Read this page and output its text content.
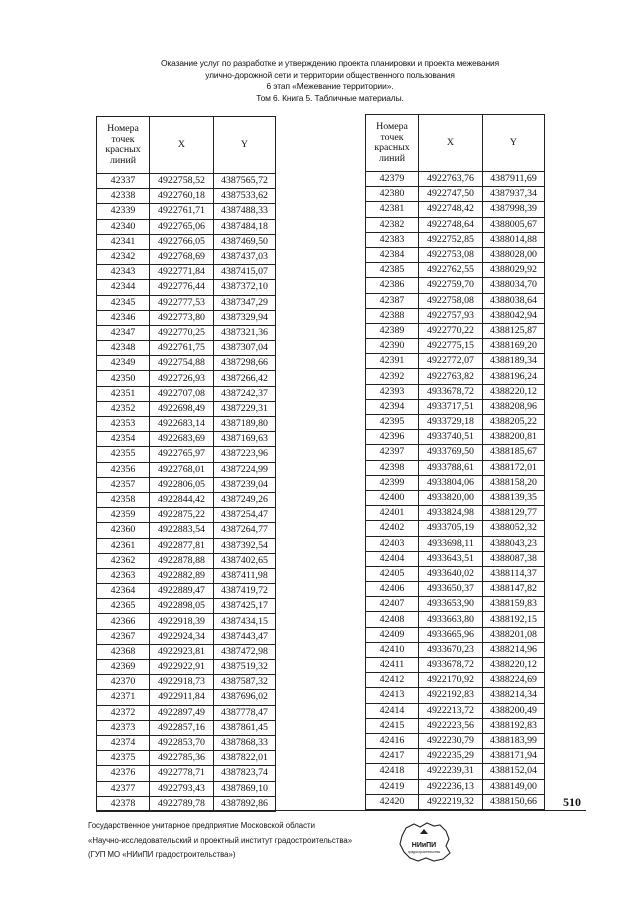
Оказание услуг по разработке и утверждению проекта планировки и проекта межевания
улично-дорожной сети и территории общественного пользования
6 этап «Межевание территории».
Том 6. Книга 5. Табличные материалы.
Номера
точек
красных
линий	X	Y
42337	4922758,52	4387565,72
42338	4922760,18	4387533,62
42339	4922761,71	4387488,33
42340	4922765,06	4387484,18
42341	4922766,05	4387469,50
42342	4922768,69	4387437,03
42343	4922771,84	4387415,07
42344	4922776,44	4387372,10
42345	4922777,53	4387347,29
42346	4922773,80	4387329,94
42347	4922770,25	4387321,36
42348	4922761,75	4387307,04
42349	4922754,88	4387298,66
42350	4922726,93	4387266,42
42351	4922707,08	4387242,37
42352	4922698,49	4387229,31
42353	4922683,14	4387189,80
42354	4922683,69	4387169,63
42355	4922765,97	4387223,96
42356	4922768,01	4387224,99
42357	4922806,05	4387239,04
42358	4922844,42	4387249,26
42359	4922875,22	4387254,47
42360	4922883,54	4387264,77
42361	4922877,81	4387392,54
42362	4922878,88	4387402,65
42363	4922882,89	4387411,98
42364	4922889,47	4387419,72
42365	4922898,05	4387425,17
42366	4922918,39	4387434,15
42367	4922924,34	4387443,47
42368	4922923,81	4387472,98
42369	4922922,91	4387519,32
42370	4922918,73	4387587,32
42371	4922911,84	4387696,02
42372	4922897,49	4387778,47
42373	4922857,16	4387861,45
42374	4922853,70	4387868,33
42375	4922785,36	4387822,01
42376	4922778,71	4387823,74
42377	4922793,43	4387869,10
42378	4922789,78	4387892,86
Номера
точек
красных
линий	X	Y
42379	4922763,76	4387911,69
42380	4922747,50	4387937,34
42381	4922748,42	4387998,39
42382	4922748,64	4388005,67
42383	4922752,85	4388014,88
42384	4922753,08	4388028,00
42385	4922762,55	4388029,92
42386	4922759,70	4388034,70
42387	4922758,08	4388038,64
42388	4922757,93	4388042,94
42389	4922770,22	4388125,87
42390	4922775,15	4388169,20
42391	4922772,07	4388189,34
42392	4922763,82	4388196,24
42393	4933678,72	4388220,12
42394	4933717,51	4388208,96
42395	4933729,18	4388205,22
42396	4933740,51	4388200,81
42397	4933769,50	4388185,67
42398	4933788,61	4388172,01
42399	4933804,06	4388158,20
42400	4933820,00	4388139,35
42401	4933824,98	4388129,77
42402	4933705,19	4388052,32
42403	4933698,11	4388043,23
42404	4933643,51	4388087,38
42405	4933640,02	4388114,37
42406	4933650,37	4388147,82
42407	4933653,90	4388159,83
42408	4933663,80	4388192,15
42409	4933665,96	4388201,08
42410	4933670,23	4388214,96
42411	4933678,72	4388220,12
42412	4922170,92	4388224,69
42413	4922192,83	4388214,34
42414	4922213,72	4388200,49
42415	4922223,56	4388192,83
42416	4922230,79	4388183,99
42417	4922235,29	4388171,94
42418	4922239,31	4388152,04
42419	4922236,13	4388149,00
42420	4922219,32	4388150,66 510
Государственное унитарное предприятие Московской области
«Научно-исследовательский и проектный институт градостроительства»
(ГУП МО «НИиПИ градостроительства»)
НИиПИ
градостроительства
